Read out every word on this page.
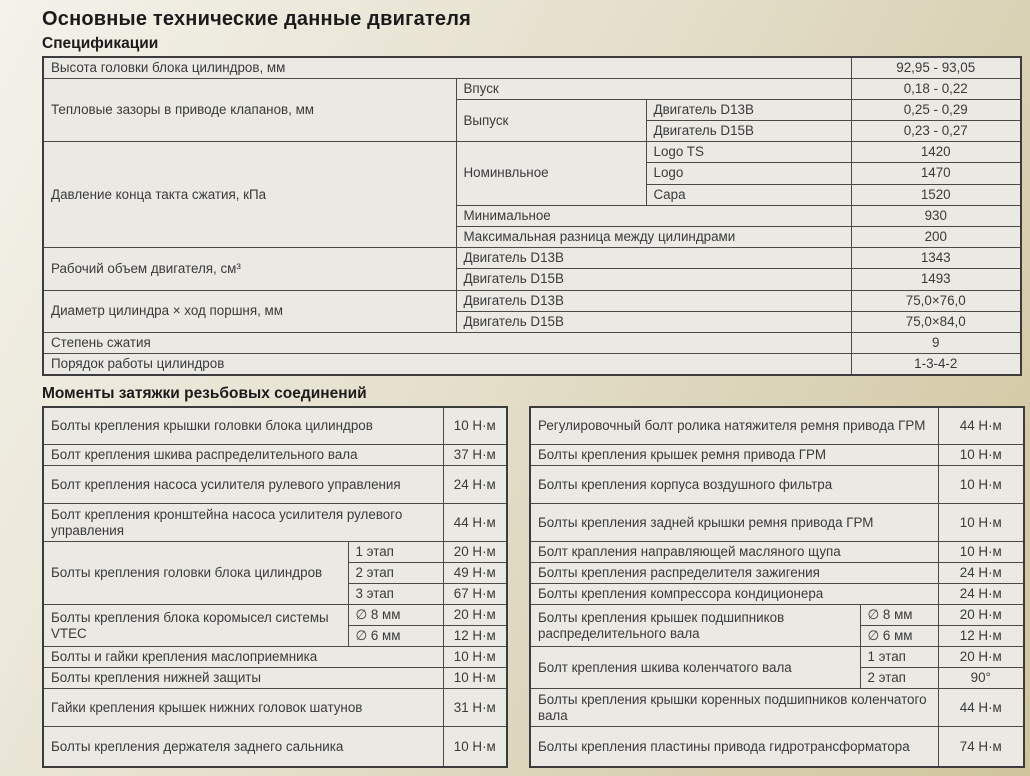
Основные технические данные двигателя
Спецификации
Высота головки блока цилиндров, мм			92,95 - 93,05
Тепловые зазоры в приводе клапанов, мм	Впуск		0,18 - 0,22
	Выпуск	Двигатель D13B	0,25 - 0,29
		Двигатель D15B	0,23 - 0,27
Давление конца такта сжатия, кПа	Номинвльное	Logo TS	1420
		Logo	1470
		Capa	1520
	Минимальное		930
	Максимальная разница между цилиндрами		200
Рабочий объем двигателя, см³	Двигатель D13B		1343
	Двигатель D15B		1493
Диаметр цилиндра × ход поршня, мм	Двигатель D13B		75,0×76,0
	Двигатель D15B		75,0×84,0
Степень сжатия			9
Порядок работы цилиндров			1-3-4-2
Моменты затяжки резьбовых соединений
Болты крепления крышки головки блока цилиндров		10 Н·м
Болт крепления шкива распределительного вала		37 Н·м
Болт крепления насоса усилителя рулевого управления		24 Н·м
Болт крепления кронштейна насоса усилителя рулевого управления		44 Н·м
Болты крепления головки блока цилиндров	1 этап	20 Н·м
	2 этап	49 Н·м
	3 этап	67 Н·м
Болты крепления блока коромысел системы VTEC	∅ 8 мм	20 Н·м
	∅ 6 мм	12 Н·м
Болты и гайки крепления маслоприемника		10 Н·м
Болты крепления нижней защиты		10 Н·м
Гайки крепления крышек нижних головок шатунов		31 Н·м
Болты крепления держателя заднего сальника		10 Н·м
Регулировочный болт ролика натяжителя ремня привода ГРМ		44 Н·м
Болты крепления крышек ремня привода ГРМ		10 Н·м
Болты крепления корпуса воздушного фильтра		10 Н·м
Болты крепления задней крышки ремня привода ГРМ		10 Н·м
Болт крапления направляющей масляного щупа		10 Н·м
Болты крепления распределителя зажигения		24 Н·м
Болты крепления компрессора кондиционера		24 Н·м
Болты крепления крышек подшипников распределительного вала	∅ 8 мм	20 Н·м
	∅ 6 мм	12 Н·м
Болт крепления шкива коленчатого вала	1 этап	20 Н·м
	2 этап	90°
Болты крепления крышки коренных подшипников коленчатого вала		44 Н·м
Болты крепления пластины привода гидротрансформатора		74 Н·м
